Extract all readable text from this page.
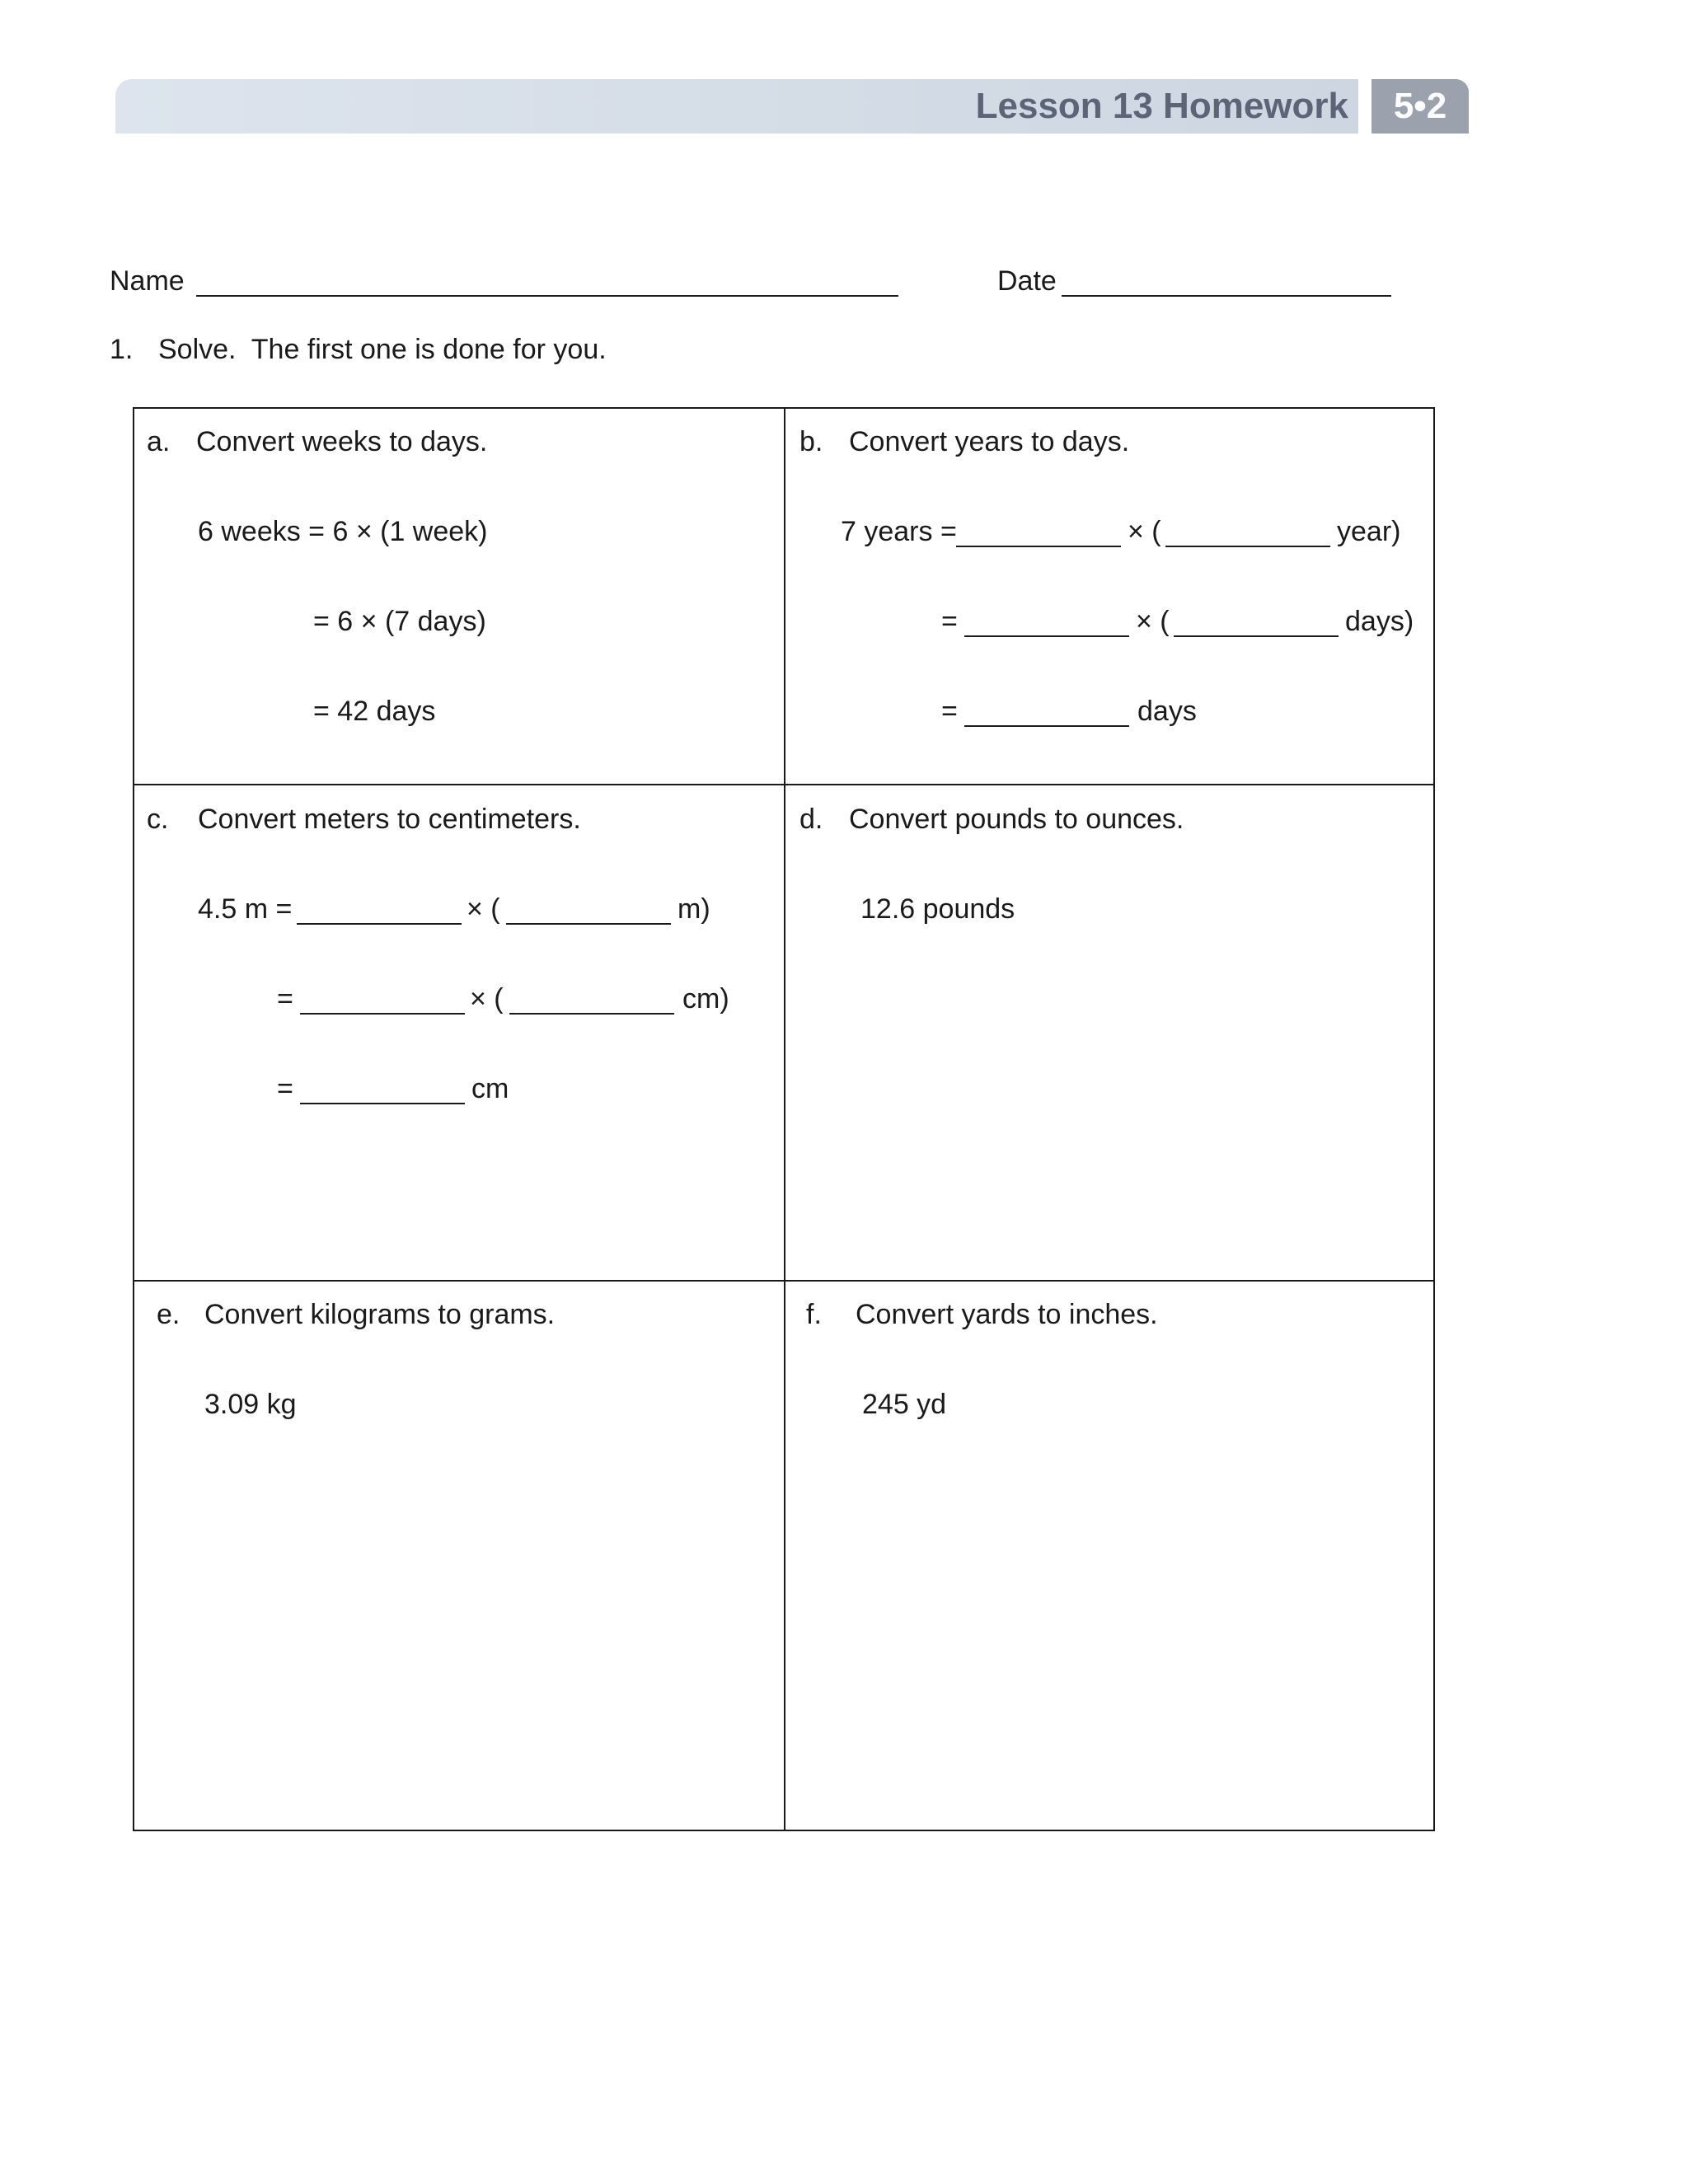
Lesson 13 Homework	5•2
Name	Date
1. Solve.  The first one is done for you.
a. Convert weeks to days.
6 weeks = 6 × (1 week)
= 6 × (7 days)
= 42 days
b. Convert years to days.
7 years =	× (	year)
=	× (	days)
=	days
c. Convert meters to centimeters.
4.5 m =	× (	m)
=	× (	cm)
=	cm
d. Convert pounds to ounces.
12.6 pounds
e. Convert kilograms to grams.
3.09 kg
f. Convert yards to inches.
245 yd
